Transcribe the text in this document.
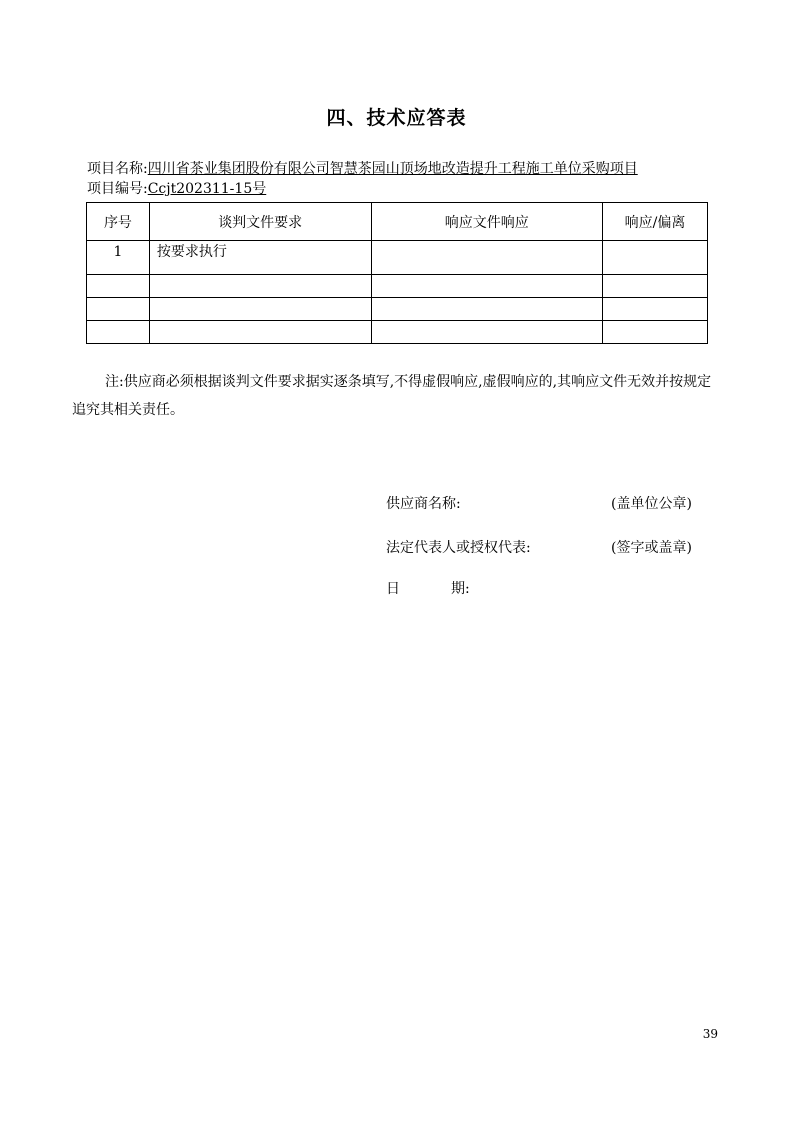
四、技术应答表
项目名称:四川省茶业集团股份有限公司智慧茶园山顶场地改造提升工程施工单位采购项目
项目编号:Ccjt202311-15号
序号	谈判文件要求	响应文件响应	响应/偏离
1	按要求执行		

注:供应商必须根据谈判文件要求据实逐条填写,不得虚假响应,虚假响应的,其响应文件无效并按规定追究其相关责任。
供应商名称:	(盖单位公章)
法定代表人或授权代表:	(签字或盖章)
日	期:
39
